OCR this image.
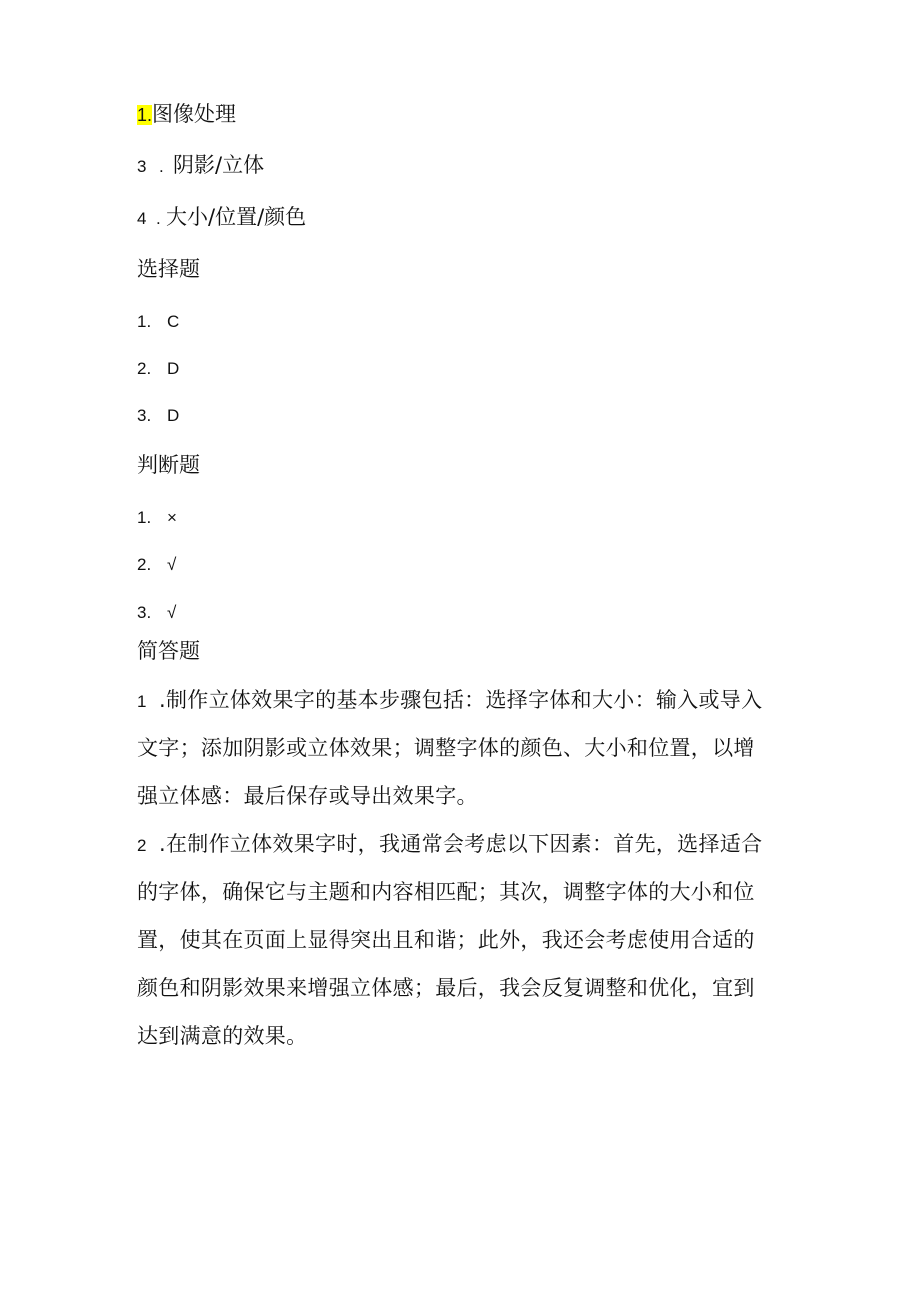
1.图像处理
3 . 阴影/立体
4 . 大小/位置/颜色
选择题
1. C
2. D
3. D
判断题
1. ×
2. √
3. √
简答题
1 .制作立体效果字的基本步骤包括：选择字体和大小：输入或导入
文字；添加阴影或立体效果；调整字体的颜色、大小和位置，以增
强立体感：最后保存或导出效果字。
2 .在制作立体效果字时，我通常会考虑以下因素：首先，选择适合
的字体，确保它与主题和内容相匹配；其次，调整字体的大小和位
置，使其在页面上显得突出且和谐；此外，我还会考虑使用合适的
颜色和阴影效果来增强立体感；最后，我会反复调整和优化，宜到
达到满意的效果。
